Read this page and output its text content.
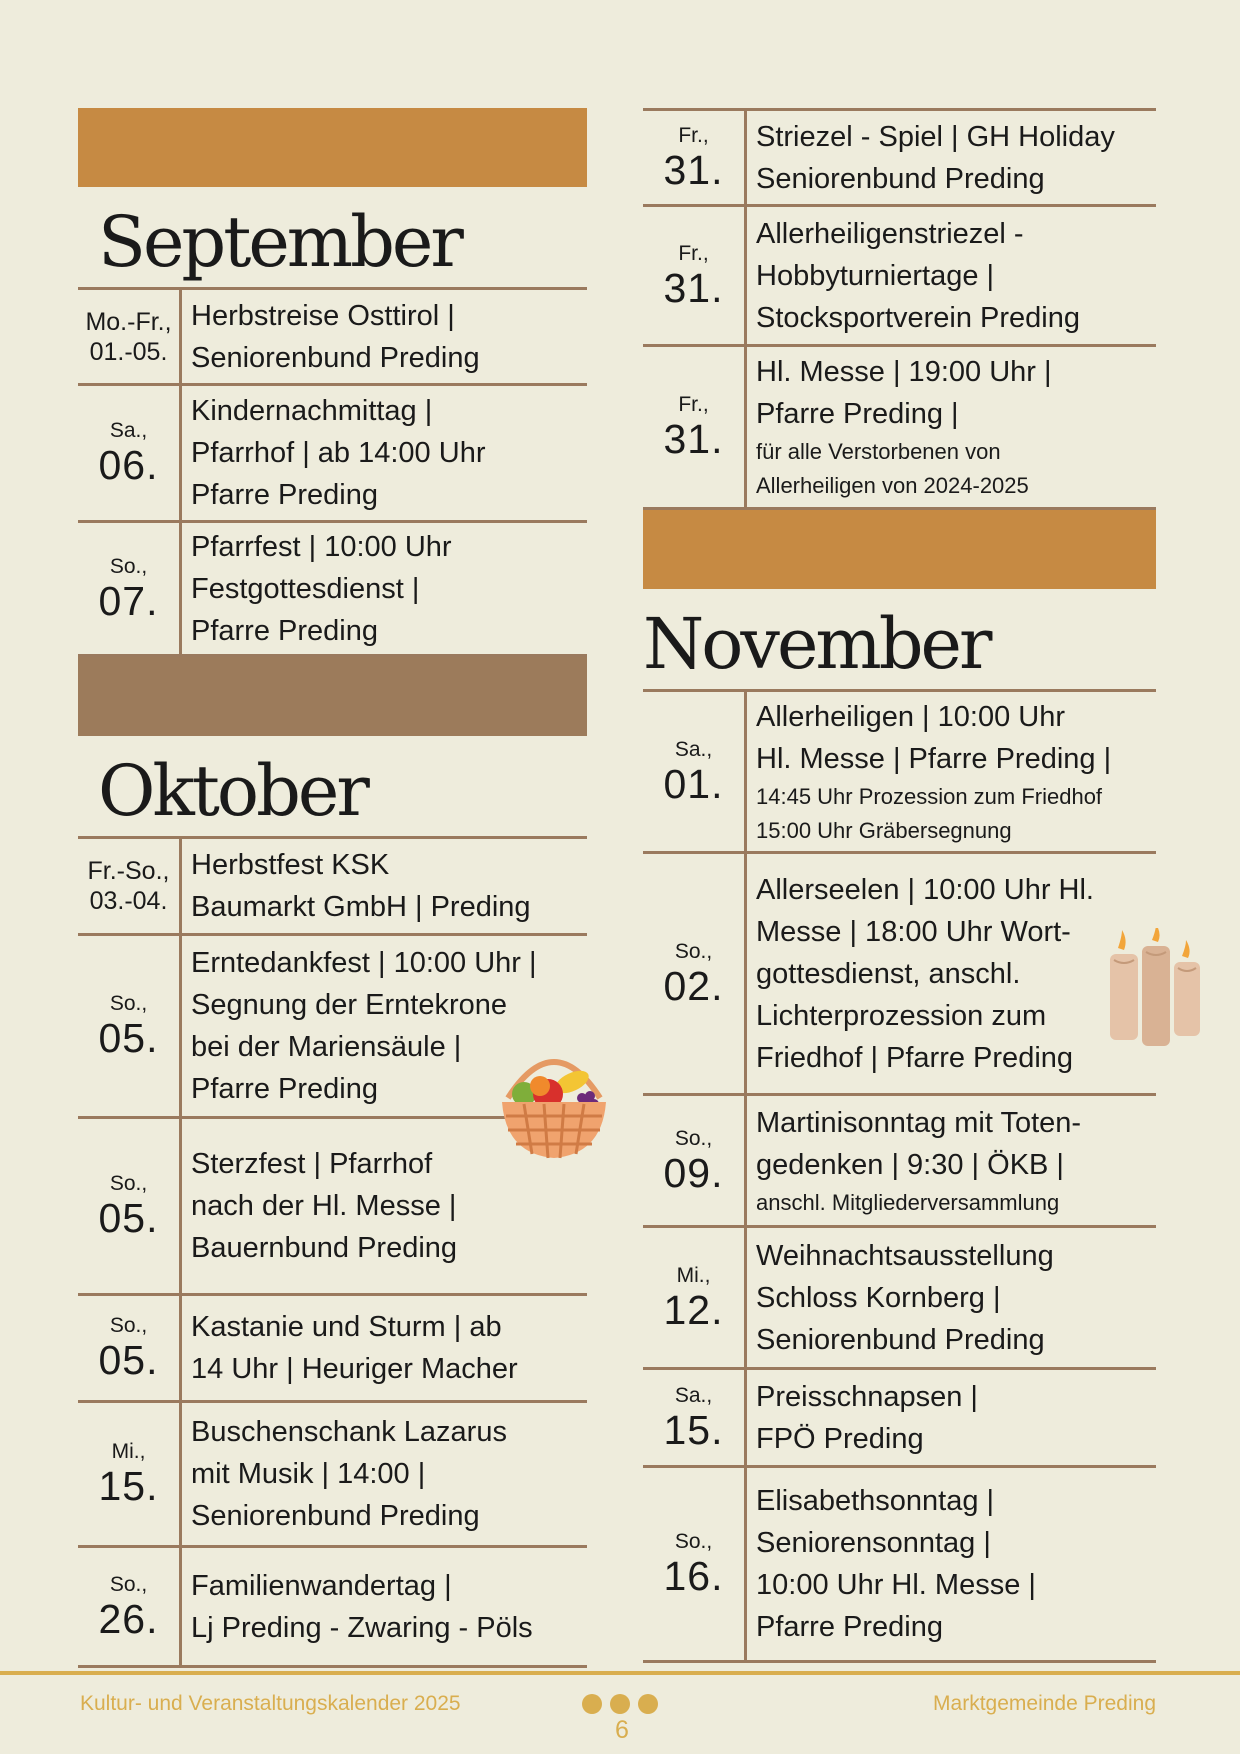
September
Mo.-Fr.,
01.-05.
Herbstreise Osttirol |
Seniorenbund Preding
Sa.,
06.
Kindernachmittag |
Pfarrhof | ab 14:00 Uhr
Pfarre Preding
So.,
07.
Pfarrfest | 10:00 Uhr
Festgottesdienst |
Pfarre Preding
Oktober
Fr.-So.,
03.-04.
Herbstfest KSK
Baumarkt GmbH | Preding
So.,
05.
Erntedankfest | 10:00 Uhr |
Segnung der Erntekrone
bei der Mariensäule |
Pfarre Preding
So.,
05.
Sterzfest | Pfarrhof
nach der Hl. Messe |
Bauernbund Preding
So.,
05.
Kastanie und Sturm | ab
14 Uhr | Heuriger Macher
Mi.,
15.
Buschenschank Lazarus
mit Musik | 14:00 |
Seniorenbund Preding
So.,
26.
Familienwandertag |
Lj Preding - Zwaring - Pöls
Fr.,
31.
Striezel - Spiel | GH Holiday
Seniorenbund Preding
Fr.,
31.
Allerheiligenstriezel -
Hobbyturniertage |
Stocksportverein Preding
Fr.,
31.
Hl. Messe | 19:00 Uhr |
Pfarre Preding |
für alle Verstorbenen von
Allerheiligen von 2024-2025
November
Sa.,
01.
Allerheiligen | 10:00 Uhr
Hl. Messe | Pfarre Preding |
14:45 Uhr Prozession zum Friedhof
15:00 Uhr Gräbersegnung
So.,
02.
Allerseelen | 10:00 Uhr Hl.
Messe | 18:00 Uhr Wort-
gottesdienst, anschl.
Lichterprozession zum
Friedhof | Pfarre Preding
So.,
09.
Martinisonntag mit Toten-
gedenken | 9:30 | ÖKB |
anschl. Mitgliederversammlung
Mi.,
12.
Weihnachtsausstellung
Schloss Kornberg |
Seniorenbund Preding
Sa.,
15.
Preisschnapsen |
FPÖ Preding
So.,
16.
Elisabethsonntag |
Seniorensonntag |
10:00 Uhr Hl. Messe |
Pfarre Preding
Kultur- und Veranstaltungskalender 2025
6
Marktgemeinde Preding
